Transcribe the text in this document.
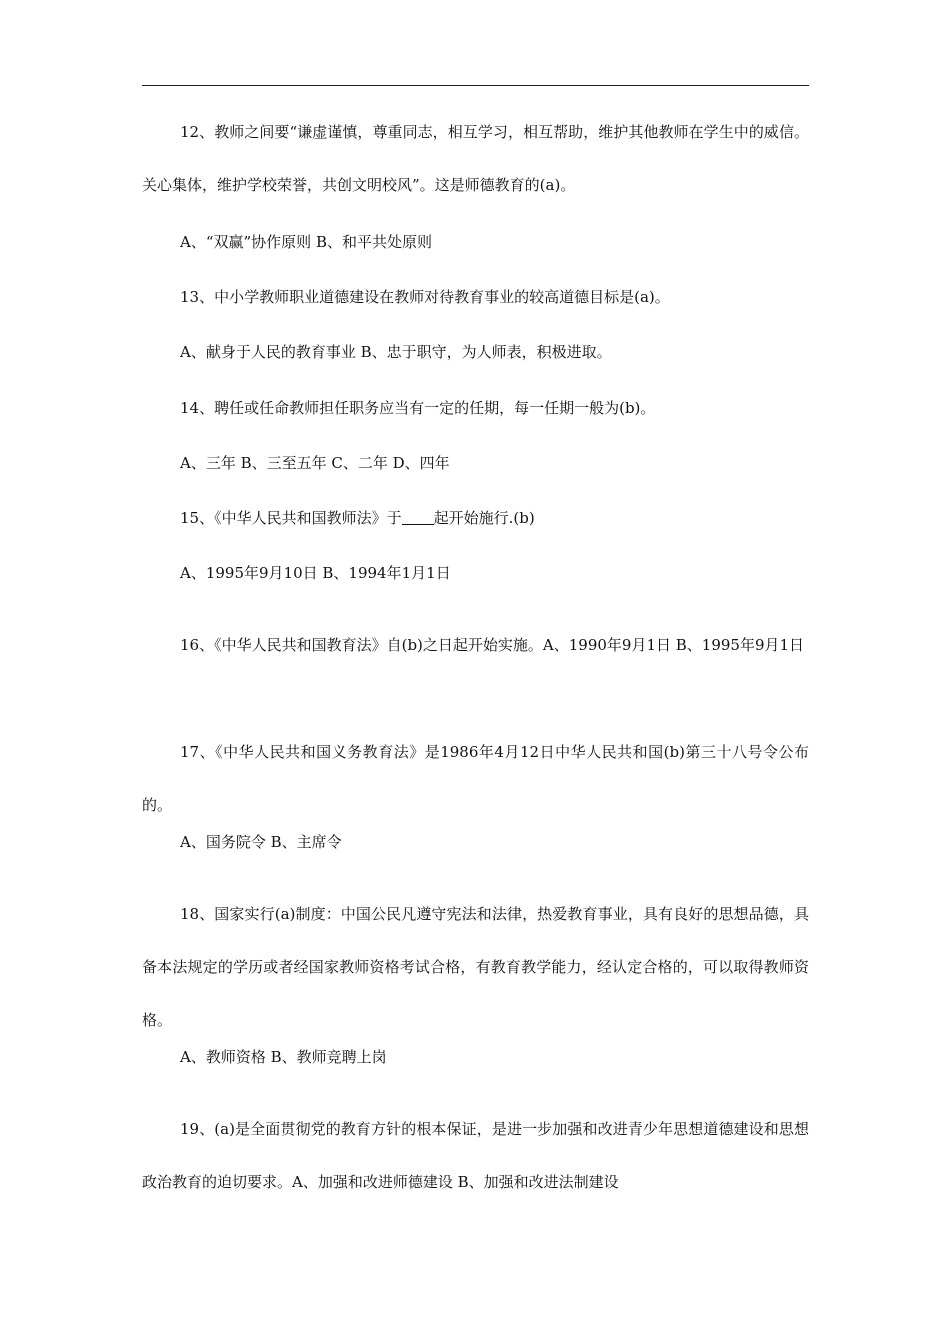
12、教师之间要“谦虚谨慎，尊重同志，相互学习，相互帮助，维护其他教师在学生中的威信。关心集体，维护学校荣誉，共创文明校风”。这是师德教育的(a)。

A、“双赢”协作原则 B、和平共处原则

13、中小学教师职业道德建设在教师对待教育事业的较高道德目标是(a)。

A、献身于人民的教育事业 B、忠于职守，为人师表，积极进取。

14、聘任或任命教师担任职务应当有一定的任期，每一任期一般为(b)。

A、三年 B、三至五年 C、二年 D、四年

15、《中华人民共和国教师法》于 起开始施行.(b)

A、1995年9月10日 B、1994年1月1日

16、《中华人民共和国教育法》自(b)之日起开始实施。A、1990年9月1日 B、1995年9月1日

17、《中华人民共和国义务教育法》是1986年4月12日中华人民共和国(b)第三十八号令公布的。

A、国务院令 B、主席令

18、国家实行(a)制度：中国公民凡遵守宪法和法律，热爱教育事业，具有良好的思想品德，具备本法规定的学历或者经国家教师资格考试合格，有教育教学能力，经认定合格的，可以取得教师资格。

A、教师资格 B、教师竞聘上岗

19、(a)是全面贯彻党的教育方针的根本保证，是进一步加强和改进青少年思想道德建设和思想政治教育的迫切要求。A、加强和改进师德建设 B、加强和改进法制建设
